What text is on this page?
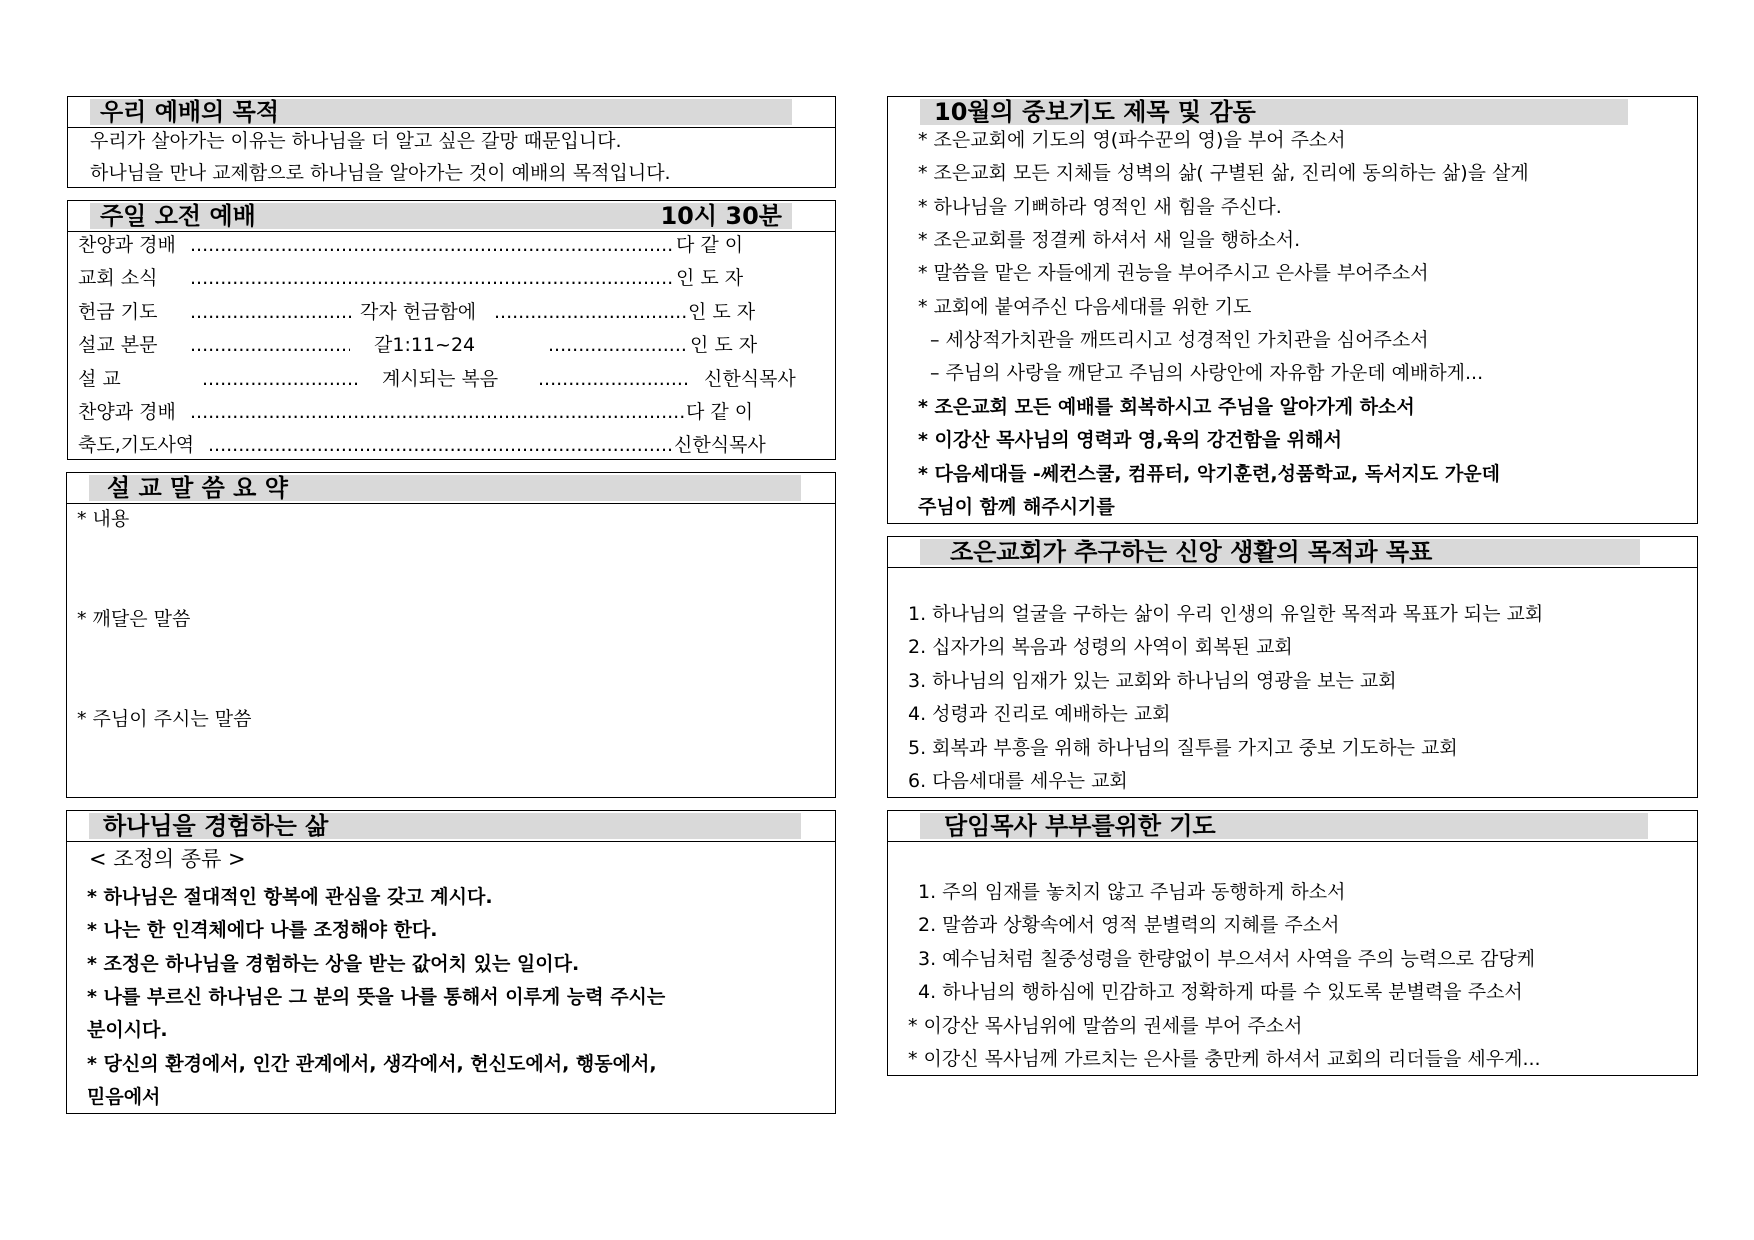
우리 예배의 목적
우리가 살아가는 이유는 하나님을 더 알고 싶은 갈망 때문입니다.
하나님을 만나 교제함으로 하나님을 알아가는 것이 예배의 목적입니다.
주일 오전 예배	10시 30분
찬양과 경배 .....	다 같 이
교회 소식 .....	인 도 자
헌금 기도 .....	각자 헌금함에 .....	인 도 자
설교 본문 .....	갈1:11~24 .....	인 도 자
설 교 .....	계시되는 복음 .....	신한식목사
찬양과 경배 .....	다 같 이
축도,기도사역 .....	신한식목사
설 교 말 씀 요 약
* 내용
* 깨달은 말씀
* 주님이 주시는 말씀
하나님을 경험하는 삶
< 조정의 종류 >
* 하나님은 절대적인 항복에 관심을 갖고 계시다.
* 나는 한 인격체에다 나를 조정해야 한다.
* 조정은 하나님을 경험하는 상을 받는 값어치 있는 일이다.
* 나를 부르신 하나님은 그 분의 뜻을 나를 통해서 이루게 능력 주시는
분이시다.
* 당신의 환경에서, 인간 관계에서, 생각에서, 헌신도에서, 행동에서,
믿음에서
10월의 중보기도 제목 및 감동
* 조은교회에 기도의 영(파수꾼의 영)을 부어 주소서
* 조은교회 모든 지체들 성벽의 삶( 구별된 삶, 진리에 동의하는 삶)을 살게
* 하나님을 기뻐하라 영적인 새 힘을 주신다.
* 조은교회를 정결케 하셔서 새 일을 행하소서.
* 말씀을 맡은 자들에게 권능을 부어주시고 은사를 부어주소서
* 교회에 붙여주신 다음세대를 위한 기도
– 세상적가치관을 깨뜨리시고 성경적인 가치관을 심어주소서
– 주님의 사랑을 깨닫고 주님의 사랑안에 자유함 가운데 예배하게...
* 조은교회 모든 예배를 회복하시고 주님을 알아가게 하소서
* 이강산 목사님의 영력과 영,육의 강건함을 위해서
* 다음세대들 -쎄컨스쿨, 컴퓨터, 악기훈련,성품학교, 독서지도 가운데
주님이 함께 해주시기를
조은교회가 추구하는 신앙 생활의 목적과 목표
1. 하나님의 얼굴을 구하는 삶이 우리 인생의 유일한 목적과 목표가 되는 교회
2. 십자가의 복음과 성령의 사역이 회복된 교회
3. 하나님의 임재가 있는 교회와 하나님의 영광을 보는 교회
4. 성령과 진리로 예배하는 교회
5. 회복과 부흥을 위해 하나님의 질투를 가지고 중보 기도하는 교회
6. 다음세대를 세우는 교회
담임목사 부부를위한 기도
1. 주의 임재를 놓치지 않고 주님과 동행하게 하소서
2. 말씀과 상황속에서 영적 분별력의 지혜를 주소서
3. 예수님처럼 칠중성령을 한량없이 부으셔서 사역을 주의 능력으로 감당케
4. 하나님의 행하심에 민감하고 정확하게 따를 수 있도록 분별력을 주소서
* 이강산 목사님위에 말씀의 권세를 부어 주소서
* 이강신 목사님께 가르치는 은사를 충만케 하셔서 교회의 리더들을 세우게...
